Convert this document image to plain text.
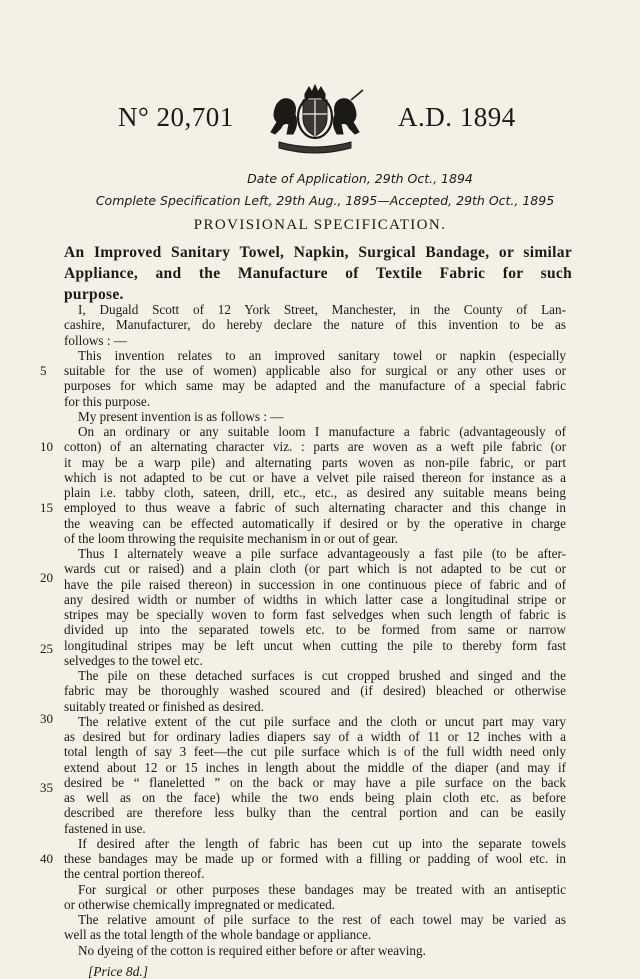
N° 20,701	A.D. 1894
Date of Application, 29th Oct., 1894
Complete Specification Left, 29th Aug., 1895—Accepted, 29th Oct., 1895
PROVISIONAL SPECIFICATION.
An Improved Sanitary Towel, Napkin, Surgical Bandage, or similar
Appliance, and the Manufacture of Textile Fabric for such
purpose.
I, Dugald Scott of 12 York Street, Manchester, in the County of Lan-
cashire, Manufacturer, do hereby declare the nature of this invention to be as
follows : —
This invention relates to an improved sanitary towel or napkin (especially
suitable for the use of women) applicable also for surgical or any other uses or
purposes for which same may be adapted and the manufacture of a special fabric
for this purpose.
My present invention is as follows : —
On an ordinary or any suitable loom I manufacture a fabric (advantageously of
cotton) of an alternating character viz. : parts are woven as a weft pile fabric (or
it may be a warp pile) and alternating parts woven as non-pile fabric, or part
which is not adapted to be cut or have a velvet pile raised thereon for instance as a
plain i.e. tabby cloth, sateen, drill, etc., etc., as desired any suitable means being
employed to thus weave a fabric of such alternating character and this change in
the weaving can be effected automatically if desired or by the operative in charge
of the loom throwing the requisite mechanism in or out of gear.
Thus I alternately weave a pile surface advantageously a fast pile (to be after-
wards cut or raised) and a plain cloth (or part which is not adapted to be cut or
have the pile raised thereon) in succession in one continuous piece of fabric and of
any desired width or number of widths in which latter case a longitudinal stripe or
stripes may be specially woven to form fast selvedges when such length of fabric is
divided up into the separated towels etc. to be formed from same or narrow
longitudinal stripes may be left uncut when cutting the pile to thereby form fast
selvedges to the towel etc.
The pile on these detached surfaces is cut cropped brushed and singed and the
fabric may be thoroughly washed scoured and (if desired) bleached or otherwise
suitably treated or finished as desired.
The relative extent of the cut pile surface and the cloth or uncut part may vary
as desired but for ordinary ladies diapers say of a width of 11 or 12 inches with a
total length of say 3 feet—the cut pile surface which is of the full width need only
extend about 12 or 15 inches in length about the middle of the diaper (and may if
desired be “ flaneletted ” on the back or may have a pile surface on the back
as well as on the face) while the two ends being plain cloth etc. as before
described are therefore less bulky than the central portion and can be easily
fastened in use.
If desired after the length of fabric has been cut up into the separate towels
these bandages may be made up or formed with a filling or padding of wool etc. in
the central portion thereof.
For surgical or other purposes these bandages may be treated with an antiseptic
or otherwise chemically impregnated or medicated.
The relative amount of pile surface to the rest of each towel may be varied as
well as the total length of the whole bandage or appliance.
No dyeing of the cotton is required either before or after weaving.
[Price 8d.]
5
10
15
20
25
30
35
40
